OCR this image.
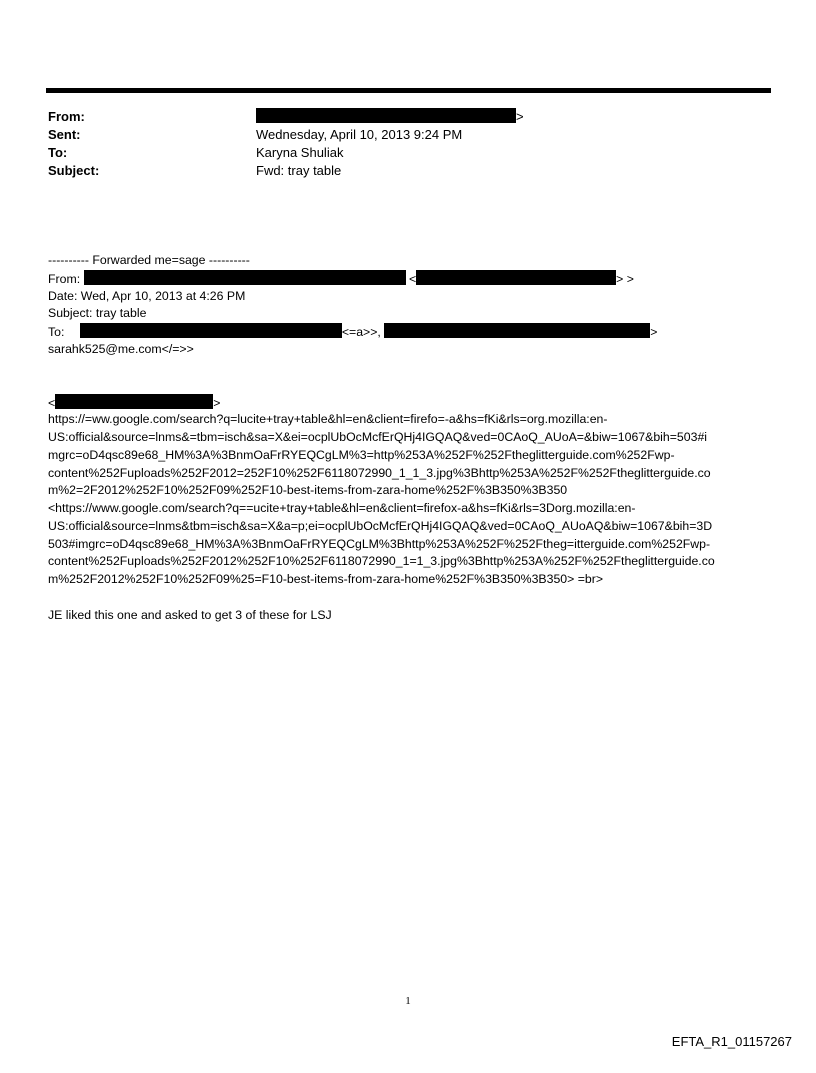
From:	>
Sent:	Wednesday, April 10, 2013 9:24 PM
To:	Karyna Shuliak
Subject:	Fwd: tray table
---------- Forwarded me=sage ----------
From:	<	> >
Date: Wed, Apr 10, 2013 at 4:26 PM
Subject: tray table
To:	<=a>>,	>
sarahk525@me.com</=>>
<	>
https://=ww.google.com/search?q=lucite+tray+table&hl=en&client=firefo=-a&hs=fKi&rls=org.mozilla:en-
US:official&source=lnms&=tbm=isch&sa=X&ei=ocplUbOcMcfErQHj4IGQAQ&ved=0CAoQ_AUoA=&biw=1067&bih=503#i
mgrc=oD4qsc89e68_HM%3A%3BnmOaFrRYEQCgLM%3=http%253A%252F%252Ftheglitterguide.com%252Fwp-
content%252Fuploads%252F2012=252F10%252F6118072990_1_1_3.jpg%3Bhttp%253A%252F%252Ftheglitterguide.co
m%2=2F2012%252F10%252F09%252F10-best-items-from-zara-home%252F%3B350%3B350
<https://www.google.com/search?q==ucite+tray+table&hl=en&client=firefox-a&hs=fKi&rls=3Dorg.mozilla:en-
US:official&source=lnms&tbm=isch&sa=X&a=p;ei=ocplUbOcMcfErQHj4IGQAQ&ved=0CAoQ_AUoAQ&biw=1067&bih=3D
503#imgrc=oD4qsc89e68_HM%3A%3BnmOaFrRYEQCgLM%3Bhttp%253A%252F%252Ftheg=itterguide.com%252Fwp-
content%252Fuploads%252F2012%252F10%252F6118072990_1=1_3.jpg%3Bhttp%253A%252F%252Ftheglitterguide.co
m%252F2012%252F10%252F09%25=F10-best-items-from-zara-home%252F%3B350%3B350> =br>
JE liked this one and asked to get 3 of these for LSJ
1
EFTA_R1_01157267
